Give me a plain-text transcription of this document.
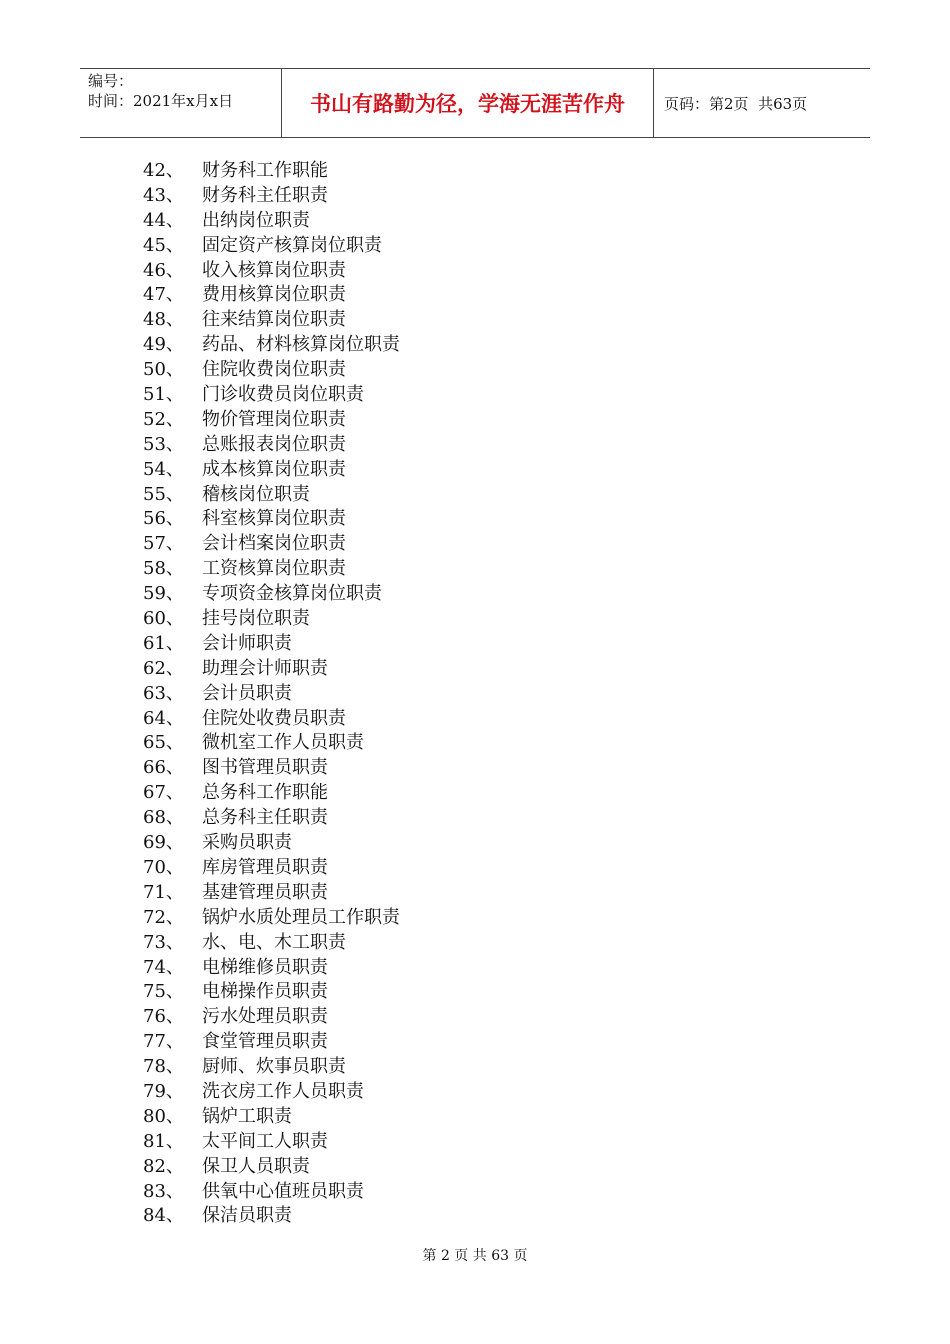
编号：
时间：2021年x月x日	书山有路勤为径，学海无涯苦作舟	页码：第2页  共63页
42、	财务科工作职能
43、	财务科主任职责
44、	出纳岗位职责
45、	固定资产核算岗位职责
46、	收入核算岗位职责
47、	费用核算岗位职责
48、	往来结算岗位职责
49、	药品、材料核算岗位职责
50、	住院收费岗位职责
51、	门诊收费员岗位职责
52、	物价管理岗位职责
53、	总账报表岗位职责
54、	成本核算岗位职责
55、	稽核岗位职责
56、	科室核算岗位职责
57、	会计档案岗位职责
58、	工资核算岗位职责
59、	专项资金核算岗位职责
60、	挂号岗位职责
61、	会计师职责
62、	助理会计师职责
63、	会计员职责
64、	住院处收费员职责
65、	微机室工作人员职责
66、	图书管理员职责
67、	总务科工作职能
68、	总务科主任职责
69、	采购员职责
70、	库房管理员职责
71、	基建管理员职责
72、	锅炉水质处理员工作职责
73、	水、电、木工职责
74、	电梯维修员职责
75、	电梯操作员职责
76、	污水处理员职责
77、	食堂管理员职责
78、	厨师、炊事员职责
79、	洗衣房工作人员职责
80、	锅炉工职责
81、	太平间工人职责
82、	保卫人员职责
83、	供氧中心值班员职责
84、	保洁员职责
第 2 页 共 63 页
